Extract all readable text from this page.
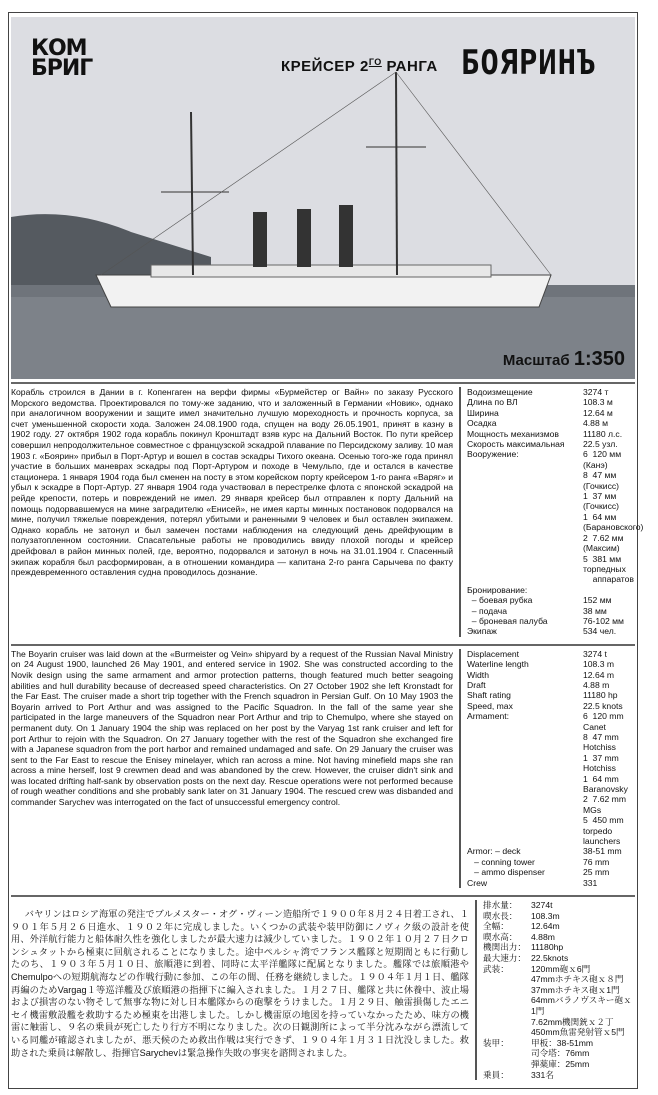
КОМ БРИГ	КРЕЙСЕР $2^{ГО}$ РАНГА БОЯРИНЪ
Масштаб 1:350
Корабль строился в Дании в г. Копенгаген на верфи фирмы «Бурмейстер ог Вайн» по заказу Русского Морского ведомства. Проектировался по тому-же заданию, что и заложенный в Германии «Новик», однако при аналогичном вооружении и защите имел значительно лучшую мореходность и прочность корпуса, за счет уменьшенной скорости хода. Заложен 24.08.1900 года, спущен на воду 26.05.1901, принят в казну в 1902 году. 27 октября 1902 года корабль покинул Кронштадт взяв курс на Дальний Восток. По пути крейсер совершил непродолжительное совместное с французской эскадрой плавание по Персидскому заливу. 10 мая 1903 г. «Боярин» прибыл в Порт-Артур и вошел в состав эскадры Тихого океана. Осенью того-же года принял участие в больших маневрах эскадры под Порт-Артуром и походе в Чемульпо, где и остался в качестве стационера. 1 января 1904 года был сменен на посту в этом корейском порту крейсером 1-го ранга «Варяг» и убыл к эскадре в Порт-Артур. 27 января 1904 года участвовал в перестрелке флота с японской эскадрой на рейде крепости, потерь и повреждений не имел. 29 января крейсер был отправлен к порту Дальний на помощь подорвавшемуся на мине заградителю «Енисей», не имея карты минных постановок подорвался на мине, получил тяжелые повреждения, потерял убитыми и раненными 9 человек и был оставлен экипажем. Однако корабль не затонул и был замечен постами наблюдения на следующий день дрейфующим в полузатопленном состоянии. Спасательные работы не проводились ввиду плохой погоды и крейсер дрейфовал в район минных полей, где, вероятно, подорвался и затонул в ночь на 31.01.1904 г. Спасенный экипаж корабля был расформирован, а в отношении командира — капитана 2-го ранга Сарычева по факту преждевременного оставления судна проводилось дознание.
Водоизмещение	3274 т
Длина по ВЛ	108.3 м
Ширина	12.64 м
Осадка	4.88 м
Мощность механизмов	11180 л.с.
Скорость максимальная	22.5 узл.
Вооружение:	6  120 мм (Канэ)
8  47 мм (Гочкисс)
1  37 мм (Гочкисс)
1  64 мм (Барановского)
2  7.62 мм (Максим)
5  381 мм торпедных
аппаратов
Бронирование:
– боевая рубка	152 мм
– подача	38 мм
– броневая палуба	76-102 мм
Экипаж	534 чел.
The Boyarin cruiser was laid down at the «Burmeister og Vein» shipyard by a request of the Russian Naval Ministry on 24 August 1900, launched 26 May 1901, and entered service in 1902. She was constructed according to the Novik design using the same armament and armor protection patterns, though featured much better seagoing abilities and hull durability because of decreased speed characteristics. On 27 October 1902 she left Kronstadt for the Far East. The cruiser made a short trip together with the French squadron in Persian Gulf. On 10 May 1903 the Boyarin arrived to Port Arthur and was assigned to the Pacific Squadron. In the fall of the same year she participated in the large maneuvers of the Squadron near Port Arthur and trip to Chemulpo, where she stayed on permanent duty. On 1 January 1904 the ship was replaced on her post by the Varyag 1st rank cruiser and left for port Arthur to rejoin with the Squadron. On 27 January together with the rest of the Squadron she exchanged fire with a Japanese squadron from the port harbor and remained undamaged and safe. On 29 January the cruiser was sent to the Far East to rescue the Enisey minelayer, which ran across a mine. Not having minefield maps she ran across a mine herself, lost 9 crewmen dead and was abandoned by the crew. However, the cruiser didn't sink and was located drifting half-sank by observation posts on the next day. Rescue operations were not performed because of rough weather conditions and she probably sank later on 31 January 1904. The rescued crew was disbanded and commander Sarychev was interrogated on the fact of unsuccessful emergency control.
Displacement	3274 t
Waterline length	108.3 m
Width	12.64 m
Draft	4.88 m
Shaft rating	11180 hp
Speed, max	22.5 knots
Armament:	6  120 mm Canet
8  47 mm Hotchiss
1  37 mm Hotchiss
1  64 mm Baranovsky
2  7.62 mm MGs
5  450 mm torpedo launchers
Armor: – deck	38-51 mm
– conning tower	76 mm
– ammo dispenser	25 mm
Crew	331
バヤリンはロシア海軍の発注でブルメスター・オグ・ヴィーン造船所で１９００年８月２４日着工され、１９０１年５月２６日進水、１９０２年に完成しました。いくつかの武装や装甲防御にノヴィク級の設計を使用、外洋航行能力と船体耐久性を強化しましたが最大速力は減少していました。１９０２年１０月２７日クロンシュタットから極東に回航されることになりました。途中ペルシャ湾でフランス艦隊と短期間ともに行動したのち、１９０３年５月１０日、旅順港に到着、同時に太平洋艦隊に配属となりました。艦隊では旅順港やChemulpoへの短期航海などの作戦行動に参加、この年の間、任務を継続しました。１９０４年１月１日、艦隊再編のためVargag１等巡洋艦及び旅順港の指揮下に編入されました。１月２７日、艦隊と共に休養中、波止場および損害のない物そして無事な物に対し日本艦隊からの砲撃をうけました。１月２９日、触雷損傷したエニセイ機雷敷設艦を救助するため極東を出港しました。しかし機雷原の地図を持っていなかったため、味方の機雷に触雷し、９名の乗員が死亡したり行方不明になりました。次の日観測所によって半分沈みながら漂流している同艦が確認されましたが、悪天候のため救出作戦は実行できず、１９０４年１月３１日沈没しました。救助された乗員は解散し、指揮官Sarychevは緊急操作失敗の事実を諮問されました。
排水量：	3274t
喫水長：	108.3m
全幅：	12.64m
喫水高：	4.88m
機関出力： 11180hp
最大速力： 22.5knots
武装：	120mm砲ｘ6門
47mmホチキス砲ｘ８門
37mmホチキス砲ｘ1門
64mmバラノヴスキー砲ｘ1門
7.62mm機関銃ｘ２丁
450mm魚雷発射管ｘ5門
装甲：	甲板：38-51mm
司令塔：76mm
弾薬庫：25mm
乗員：	331名
